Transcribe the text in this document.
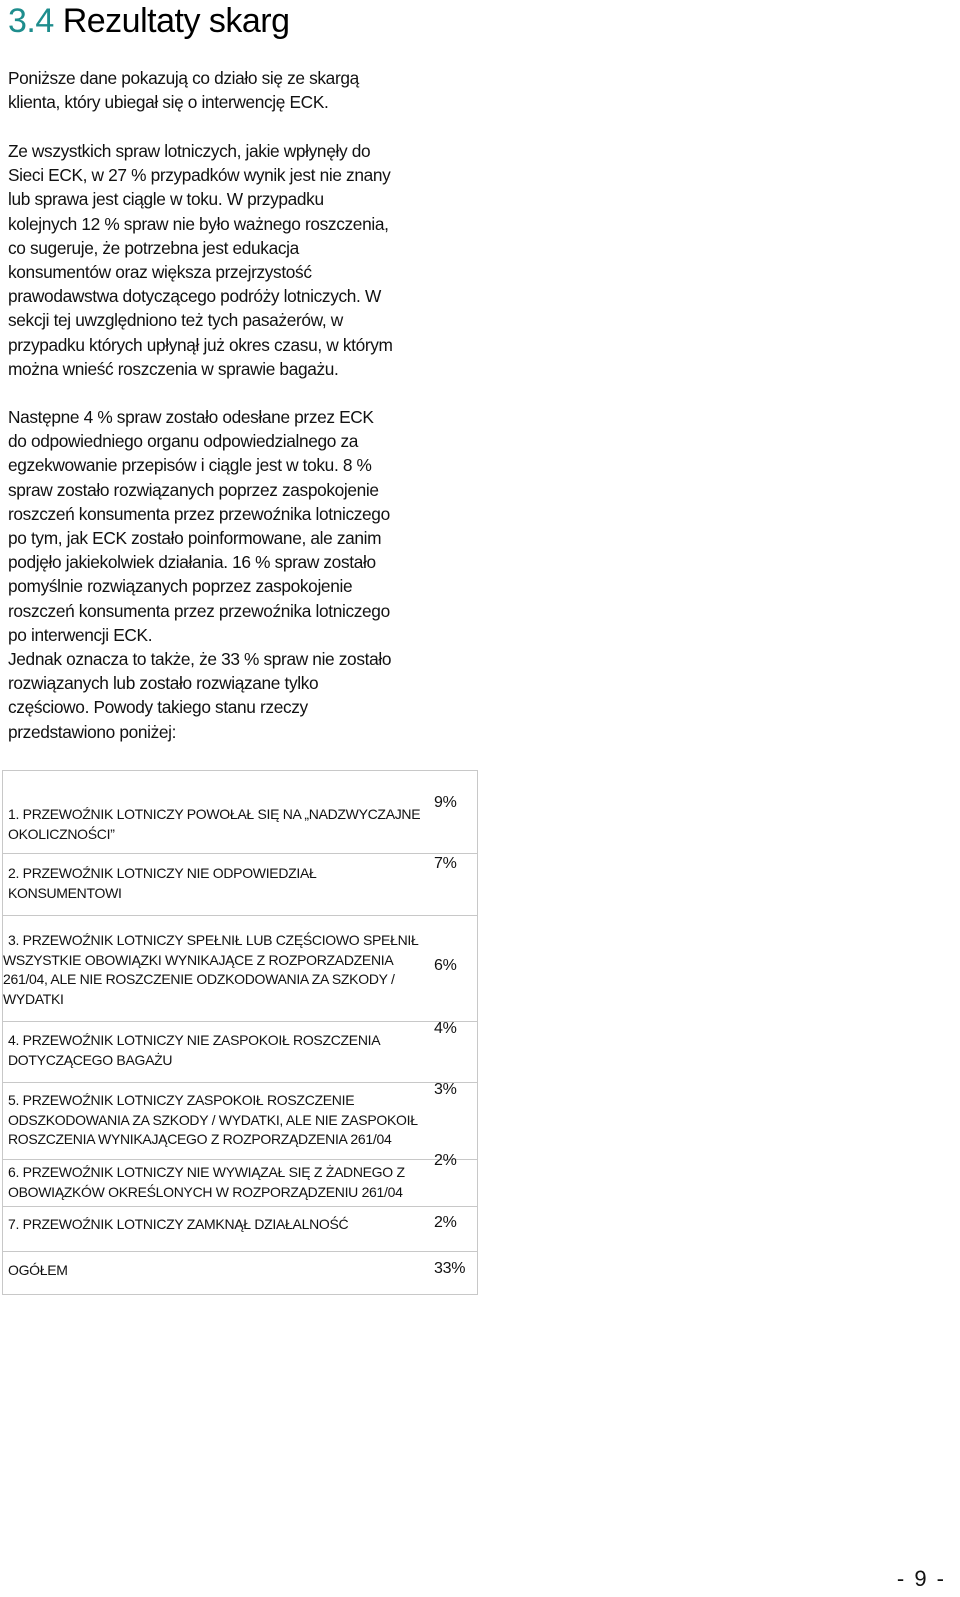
3.4 Rezultaty skarg

Poniższe dane pokazują co działo się ze skargą
klienta, który ubiegał się o interwencję ECK.

Ze wszystkich spraw lotniczych, jakie wpłynęły do
Sieci ECK, w 27 % przypadków wynik jest nie znany
lub sprawa jest ciągle w toku. W przypadku
kolejnych 12 % spraw nie było ważnego roszczenia,
co sugeruje, że potrzebna jest edukacja
konsumentów oraz większa przejrzystość
prawodawstwa dotyczącego podróży lotniczych. W
sekcji tej uwzględniono też tych pasażerów, w
przypadku których upłynął już okres czasu, w którym
można wnieść roszczenia w sprawie bagażu.

Następne 4 % spraw zostało odesłane przez ECK
do odpowiedniego organu odpowiedzialnego za
egzekwowanie przepisów i ciągle jest w toku. 8 %
spraw zostało rozwiązanych poprzez zaspokojenie
roszczeń konsumenta przez przewoźnika lotniczego
po tym, jak ECK zostało poinformowane, ale zanim
podjęło jakiekolwiek działania. 16 % spraw zostało
pomyślnie rozwiązanych poprzez zaspokojenie
roszczeń konsumenta przez przewoźnika lotniczego
po interwencji ECK.
Jednak oznacza to także, że 33 % spraw nie zostało
rozwiązanych lub zostało rozwiązane tylko
częściowo. Powody takiego stanu rzeczy
przedstawiono poniżej:

1. PRZEWOŹNIK LOTNICZY POWOŁAŁ SIĘ NA „NADZWYCZAJNE
OKOLICZNOŚCI”

9%

2. PRZEWOŹNIK LOTNICZY NIE ODPOWIEDZIAŁ
KONSUMENTOWI

7%

3. PRZEWOŹNIK LOTNICZY SPEŁNIŁ LUB CZĘŚCIOWO SPEŁNIŁ
WSZYSTKIE OBOWIĄZKI WYNIKAJĄCE Z ROZPORZADZENIA
261/04, ALE NIE ROSZCZENIE ODZKODOWANIA ZA SZKODY /
WYDATKI

6%

4. PRZEWOŹNIK LOTNICZY NIE ZASPOKOIŁ ROSZCZENIA
DOTYCZĄCEGO BAGAŻU

4%

5. PRZEWOŹNIK LOTNICZY ZASPOKOIŁ ROSZCZENIE
ODSZKODOWANIA ZA SZKODY / WYDATKI, ALE NIE ZASPOKOIŁ
ROSZCZENIA WYNIKAJĄCEGO Z ROZPORZĄDZENIA 261/04

3%

6. PRZEWOŹNIK LOTNICZY NIE WYWIĄZAŁ SIĘ Z ŻADNEGO Z
OBOWIĄZKÓW OKREŚLONYCH W ROZPORZĄDZENIU 261/04

2%

7. PRZEWOŹNIK LOTNICZY ZAMKNĄŁ DZIAŁALNOŚĆ	2%

OGÓŁEM	33%

- 9 -
